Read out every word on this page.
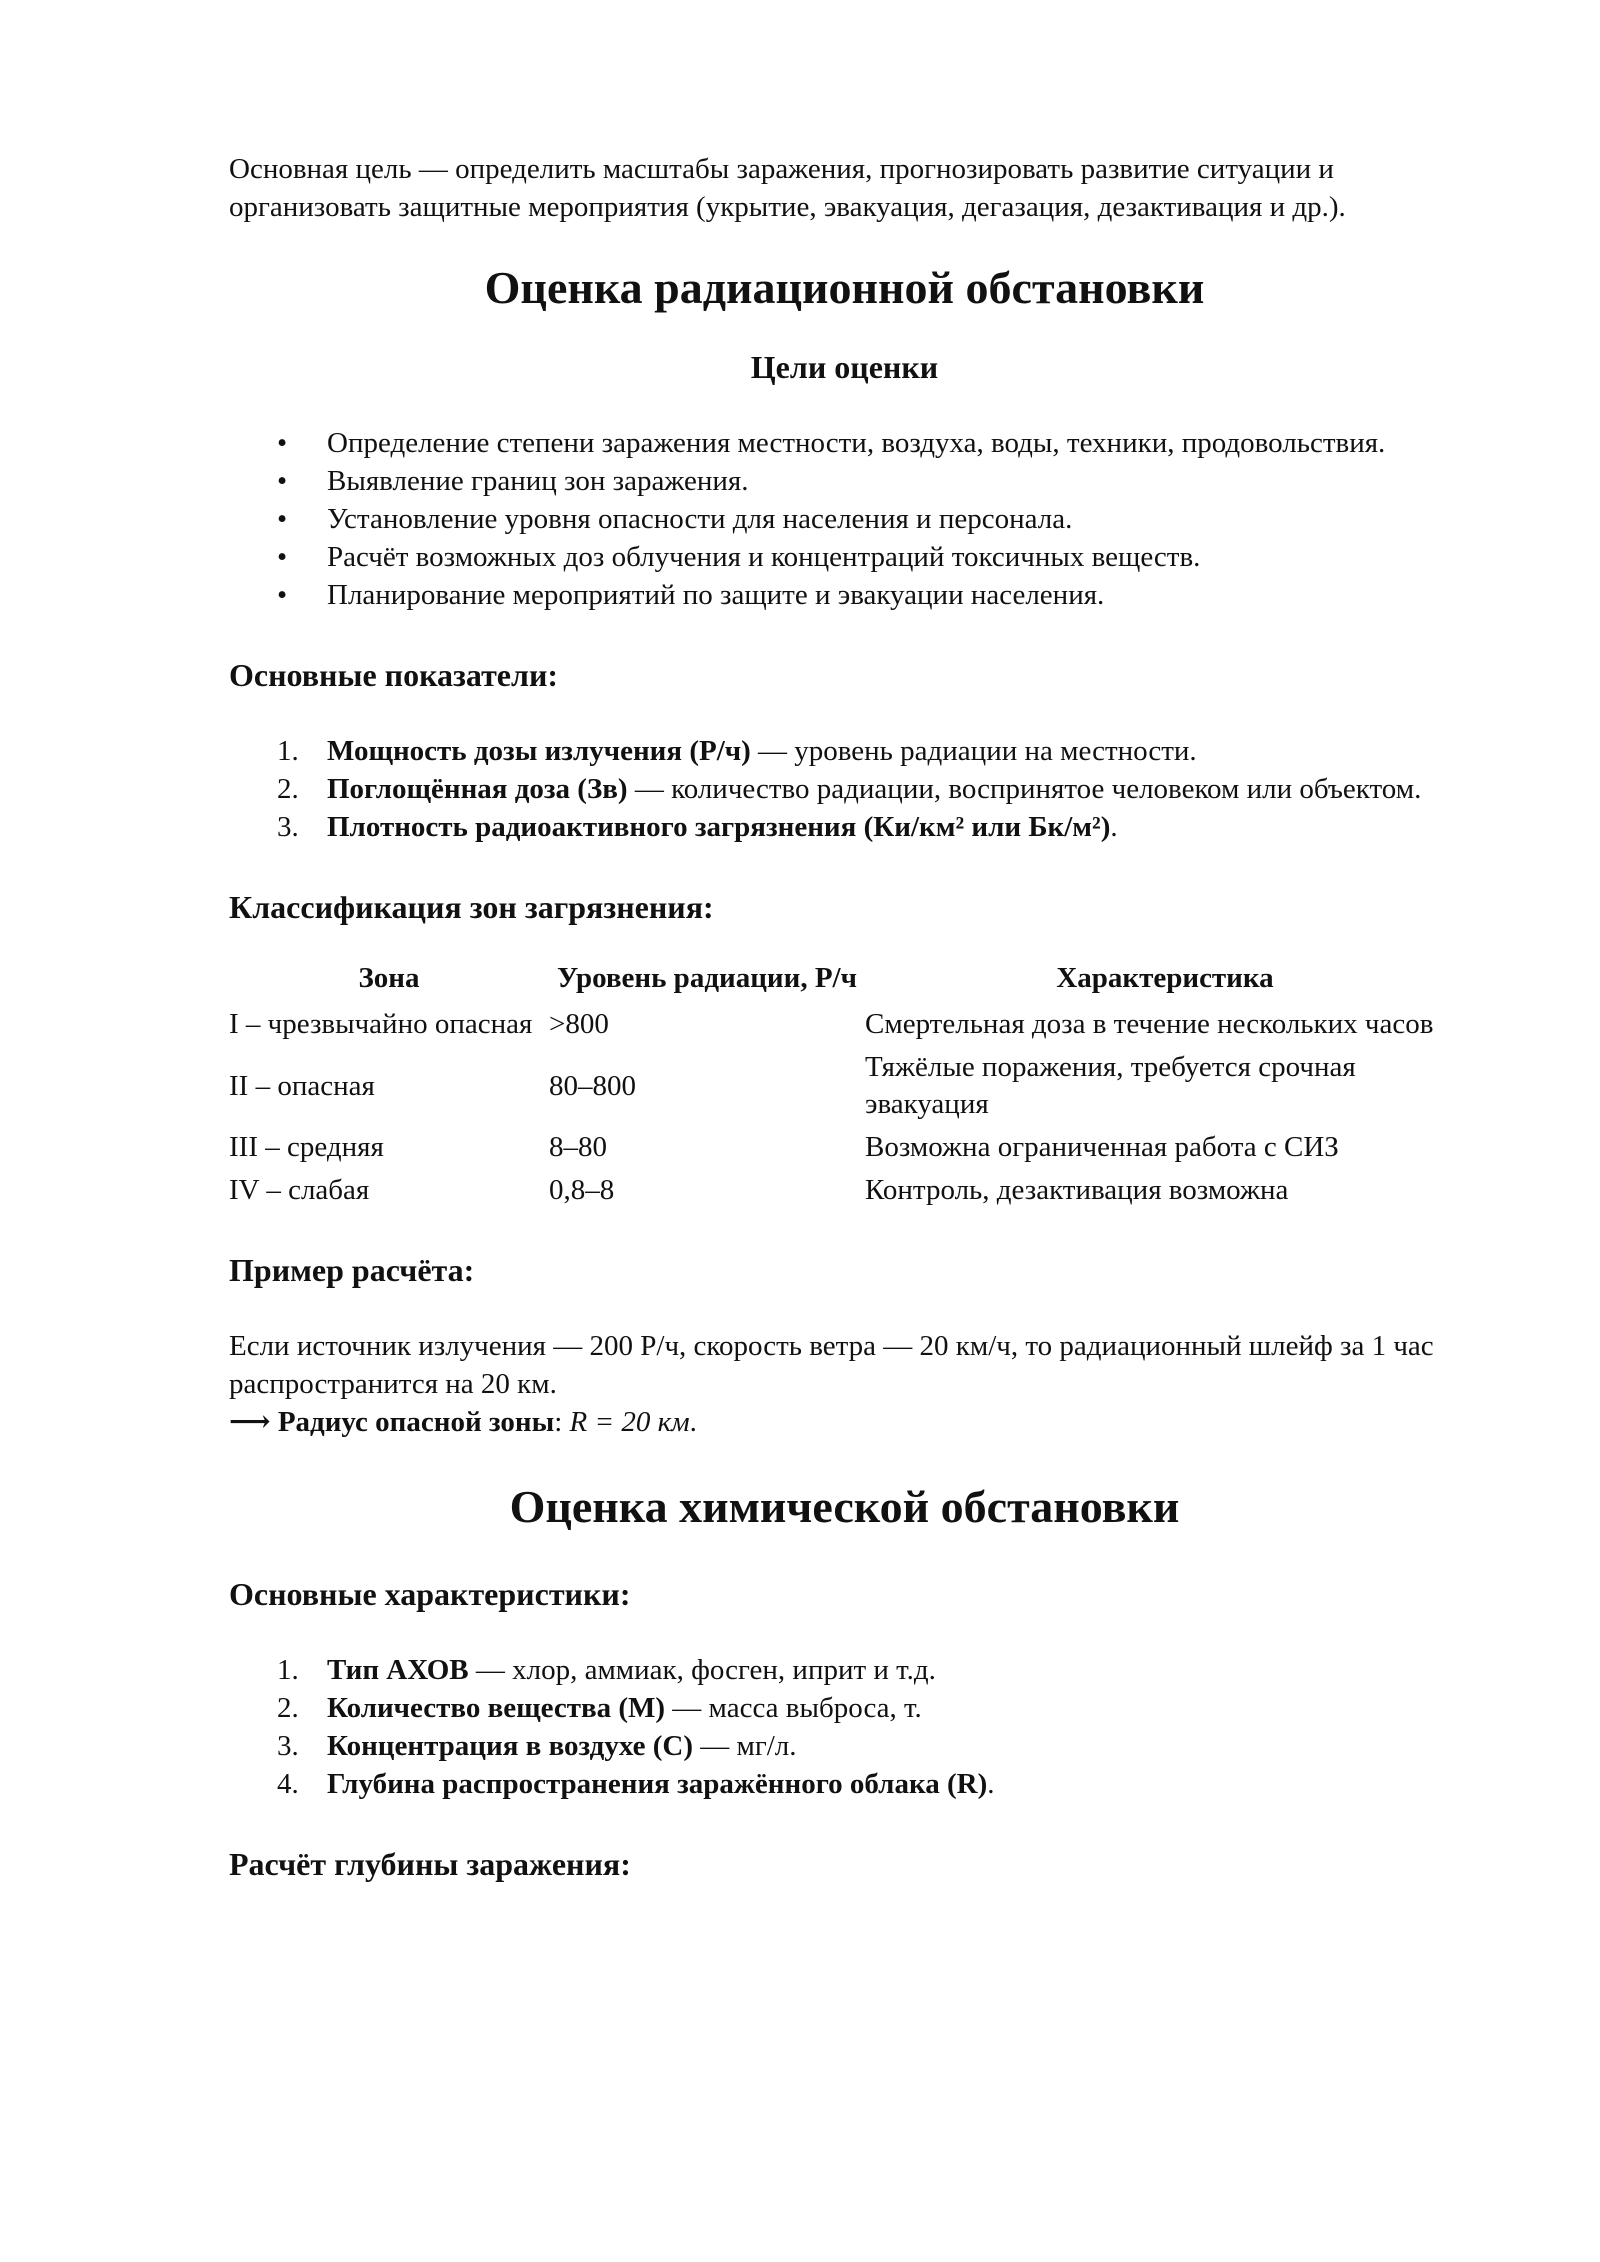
Основная цель — определить масштабы заражения, прогнозировать развитие ситуации и организовать защитные мероприятия (укрытие, эвакуация, дегазация, дезактивация и др.).

Оценка радиационной обстановки
Цели оценки
• Определение степени заражения местности, воздуха, воды, техники, продовольствия.
• Выявление границ зон заражения.
• Установление уровня опасности для населения и персонала.
• Расчёт возможных доз облучения и концентраций токсичных веществ.
• Планирование мероприятий по защите и эвакуации населения.
Основные показатели:
1. Мощность дозы излучения (Р/ч) — уровень радиации на местности.
2. Поглощённая доза (Зв) — количество радиации, воспринятое человеком или объектом.
3. Плотность радиоактивного загрязнения (Ки/км² или Бк/м²).
Классификация зон загрязнения:
Зона	Уровень радиации, Р/ч	Характеристика
I – чрезвычайно опасная	>800	Смертельная доза в течение нескольких часов
II – опасная	80–800	Тяжёлые поражения, требуется срочная эвакуация
III – средняя	8–80	Возможна ограниченная работа с СИЗ
IV – слабая	0,8–8	Контроль, дезактивация возможна
Пример расчёта:

Если источник излучения — 200 Р/ч, скорость ветра — 20 км/ч, то радиационный шлейф за 1 час распространится на 20 км.

⟶ Радиус опасной зоны: R = 20 км.

Оценка химической обстановки
Основные характеристики:
1. Тип АХОВ — хлор, аммиак, фосген, иприт и т.д.
2. Количество вещества (M) — масса выброса, т.
3. Концентрация в воздухе (C) — мг/л.
4. Глубина распространения заражённого облака (R).
Расчёт глубины заражения:
